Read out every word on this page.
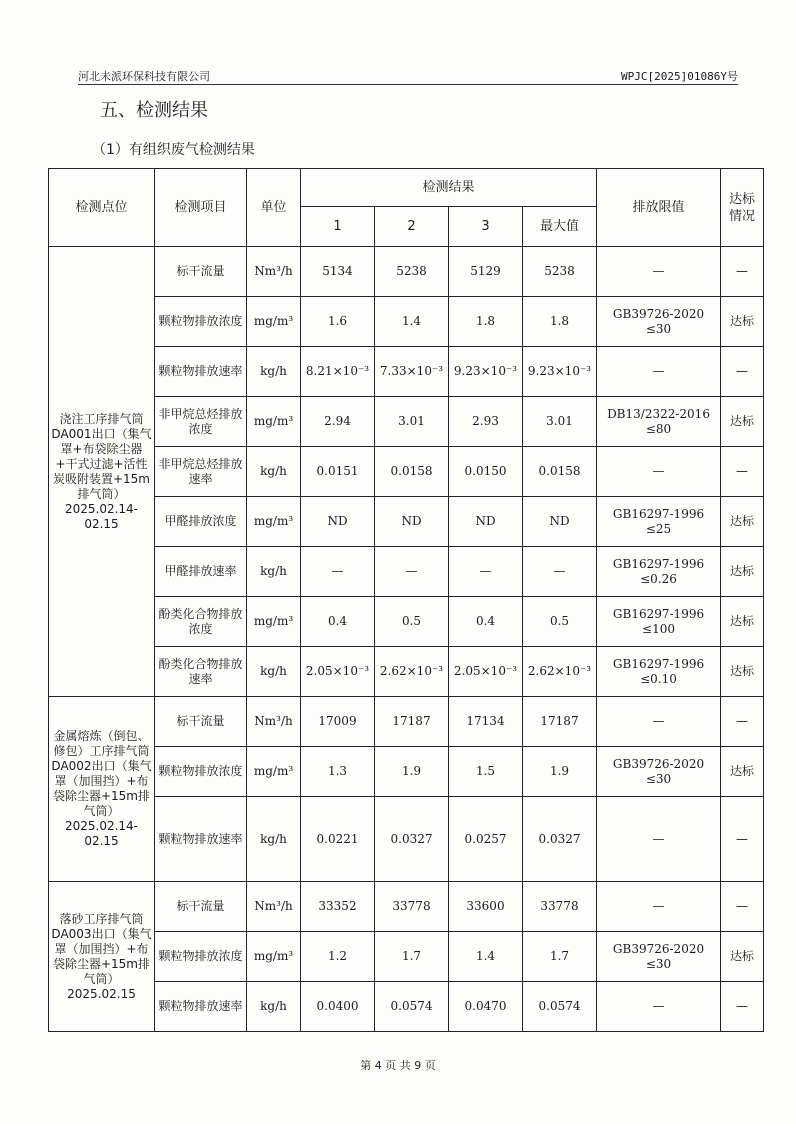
河北未派环保科技有限公司	WPJC[2025]01086Y号
五、检测结果
（1）有组织废气检测结果
检测点位	检测项目	单位	检测结果				排放限值	达标情况
			1	2	3	最大值		
浇注工序排气筒DA001出口（集气罩+布袋除尘器+干式过滤+活性炭吸附装置+15m排气筒）2025.02.14-02.15	标干流量	Nm³/h	5134	5238	5129	5238	—	—
	颗粒物排放浓度	mg/m³	1.6	1.4	1.8	1.8	GB39726-2020 ≤30	达标
	颗粒物排放速率	kg/h	8.21×10⁻³	7.33×10⁻³	9.23×10⁻³	9.23×10⁻³	—	—
	非甲烷总烃排放浓度	mg/m³	2.94	3.01	2.93	3.01	DB13/2322-2016 ≤80	达标
	非甲烷总烃排放速率	kg/h	0.0151	0.0158	0.0150	0.0158	—	—
	甲醛排放浓度	mg/m³	ND	ND	ND	ND	GB16297-1996 ≤25	达标
	甲醛排放速率	kg/h	—	—	—	—	GB16297-1996 ≤0.26	达标
	酚类化合物排放浓度	mg/m³	0.4	0.5	0.4	0.5	GB16297-1996 ≤100	达标
	酚类化合物排放速率	kg/h	2.05×10⁻³	2.62×10⁻³	2.05×10⁻³	2.62×10⁻³	GB16297-1996 ≤0.10	达标
金属熔炼（倒包、修包）工序排气筒DA002出口（集气罩（加围挡）+布袋除尘器+15m排气筒）2025.02.14-02.15	标干流量	Nm³/h	17009	17187	17134	17187	—	—
	颗粒物排放浓度	mg/m³	1.3	1.9	1.5	1.9	GB39726-2020 ≤30	达标
	颗粒物排放速率	kg/h	0.0221	0.0327	0.0257	0.0327	—	—
落砂工序排气筒DA003出口（集气罩（加围挡）+布袋除尘器+15m排气筒）2025.02.15	标干流量	Nm³/h	33352	33778	33600	33778	—	—
	颗粒物排放浓度	mg/m³	1.2	1.7	1.4	1.7	GB39726-2020 ≤30	达标
	颗粒物排放速率	kg/h	0.0400	0.0574	0.0470	0.0574	—	—
第 4 页 共 9 页
